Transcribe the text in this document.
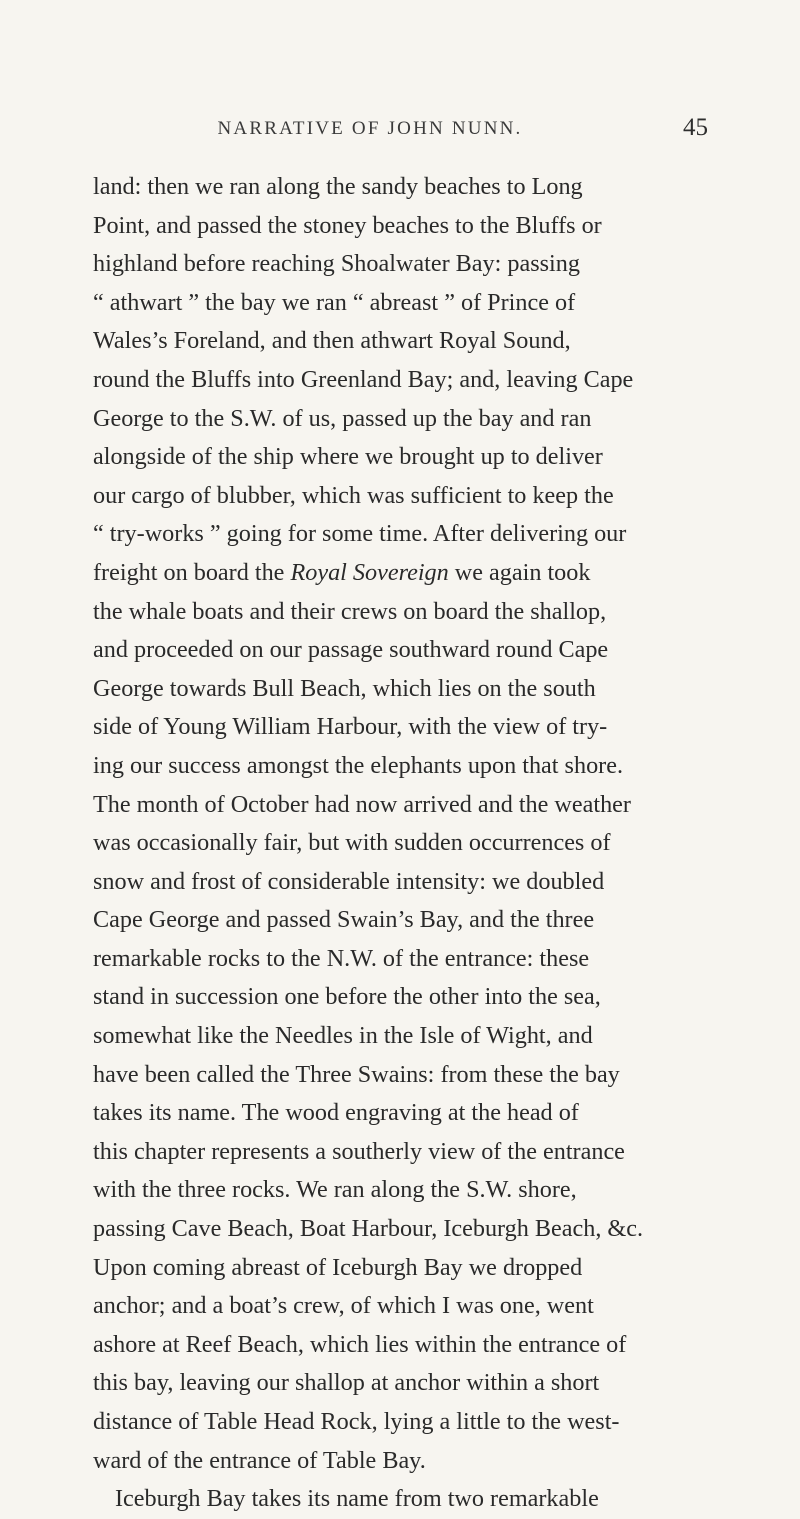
NARRATIVE OF JOHN NUNN.	45
land: then we ran along the sandy beaches to Long
Point, and passed the stoney beaches to the Bluffs or
highland before reaching Shoalwater Bay: passing
“ athwart ” the bay we ran “ abreast ” of Prince of
Wales’s Foreland, and then athwart Royal Sound,
round the Bluffs into Greenland Bay; and, leaving Cape
George to the S.W. of us, passed up the bay and ran
alongside of the ship where we brought up to deliver
our cargo of blubber, which was sufficient to keep the
“ try-works ” going for some time. After delivering our
freight on board the Royal Sovereign we again took
the whale boats and their crews on board the shallop,
and proceeded on our passage southward round Cape
George towards Bull Beach, which lies on the south
side of Young William Harbour, with the view of try-
ing our success amongst the elephants upon that shore.
The month of October had now arrived and the weather
was occasionally fair, but with sudden occurrences of
snow and frost of considerable intensity: we doubled
Cape George and passed Swain’s Bay, and the three
remarkable rocks to the N.W. of the entrance: these
stand in succession one before the other into the sea,
somewhat like the Needles in the Isle of Wight, and
have been called the Three Swains: from these the bay
takes its name. The wood engraving at the head of
this chapter represents a southerly view of the entrance
with the three rocks. We ran along the S.W. shore,
passing Cave Beach, Boat Harbour, Iceburgh Beach, &c.
Upon coming abreast of Iceburgh Bay we dropped
anchor; and a boat’s crew, of which I was one, went
ashore at Reef Beach, which lies within the entrance of
this bay, leaving our shallop at anchor within a short
distance of Table Head Rock, lying a little to the west-
ward of the entrance of Table Bay.
Iceburgh Bay takes its name from two remarkable
